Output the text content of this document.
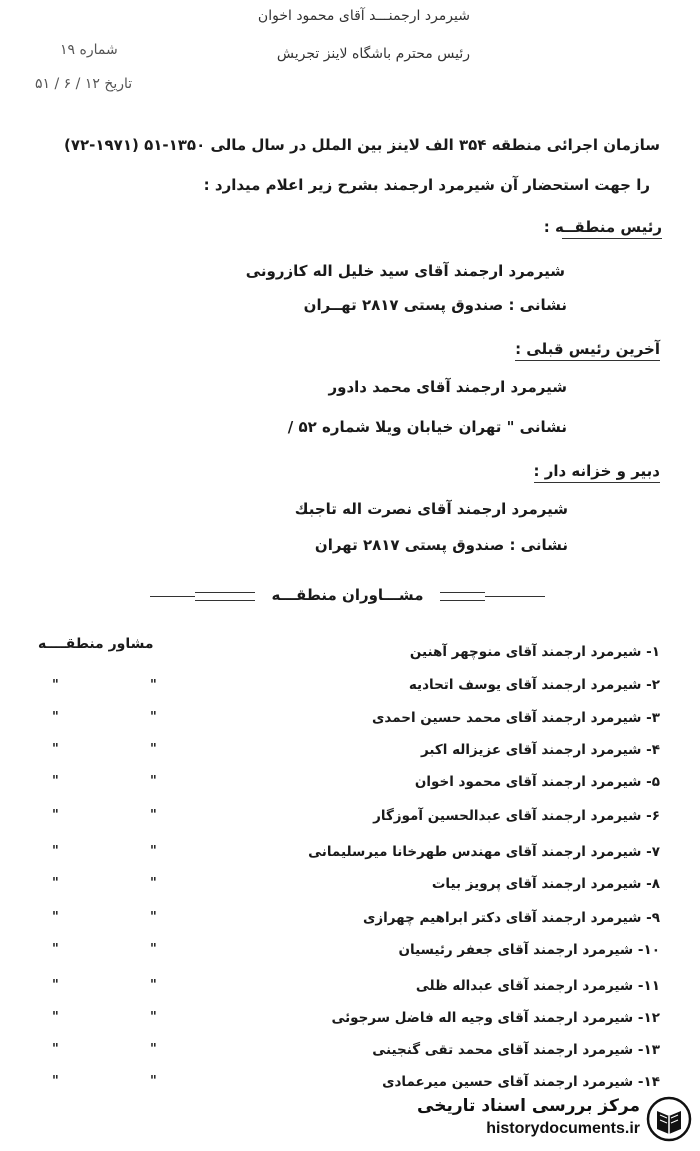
شیرمرد ارجمنـــد آقای محمود اخوان
رئیس محترم باشگاه لاینز تجریش
شماره ۱۹
تاریخ ۱۲ / ۶ / ۵۱
سازمان اجرائی منطقه ۳۵۴ الف لاینز بین الملل در سال مالی ۱۳۵۰-۵۱ (۱۹۷۱-۷۲)
را جهت استحضار آن شیرمرد ارجمند بشرح زیر اعلام میدارد :
رئیس منطقــه :
شیرمرد ارجمند آقای سید خلیل اله کازرونی
نشانی : صندوق پستی ۲۸۱۷ تهــران
آخرین رئیس قبلی :
شیرمرد ارجمند آقای محمد دادور
نشانی " تهران خیابان ویلا شماره ۵۲ /
دبیر و خزانه دار :
شیرمرد ارجمند آقای نصرت اله تاجبك
نشانی : صندوق پستی ۲۸۱۷ تهران
مشـــاوران منطقـــه
مشاور منطقــــه	۱- شیرمرد ارجمند آقای منوچهر آهنین
۲- شیرمرد ارجمند آقای یوسف اتحادیه
۳- شیرمرد ارجمند آقای محمد حسین احمدی
۴- شیرمرد ارجمند آقای عزیزاله اکبر
۵- شیرمرد ارجمند آقای محمود اخوان
۶- شیرمرد ارجمند آقای عبدالحسین آموزگار
۷- شیرمرد ارجمند آقای مهندس طهرخانا میرسلیمانی
۸- شیرمرد ارجمند آقای پرویز بیات
۹- شیرمرد ارجمند آقای دکتر ابراهیم چهرازی
۱۰- شیرمرد ارجمند آقای جعفر رئیسیان
۱۱- شیرمرد ارجمند آقای عبداله ظلی
۱۲- شیرمرد ارجمند آقای وجیه اله فاضل سرجوئی
۱۳- شیرمرد ارجمند آقای محمد تقی گنجینی
۱۴- شیرمرد ارجمند آقای حسین میرعمادی
"
"
"
"
"
"
"
"
"
"
"
"
"
"
"
"
"
"
"
"
"
"
"
"
"
"
مرکز بررسی اسناد تاریخی
historydocuments.ir
